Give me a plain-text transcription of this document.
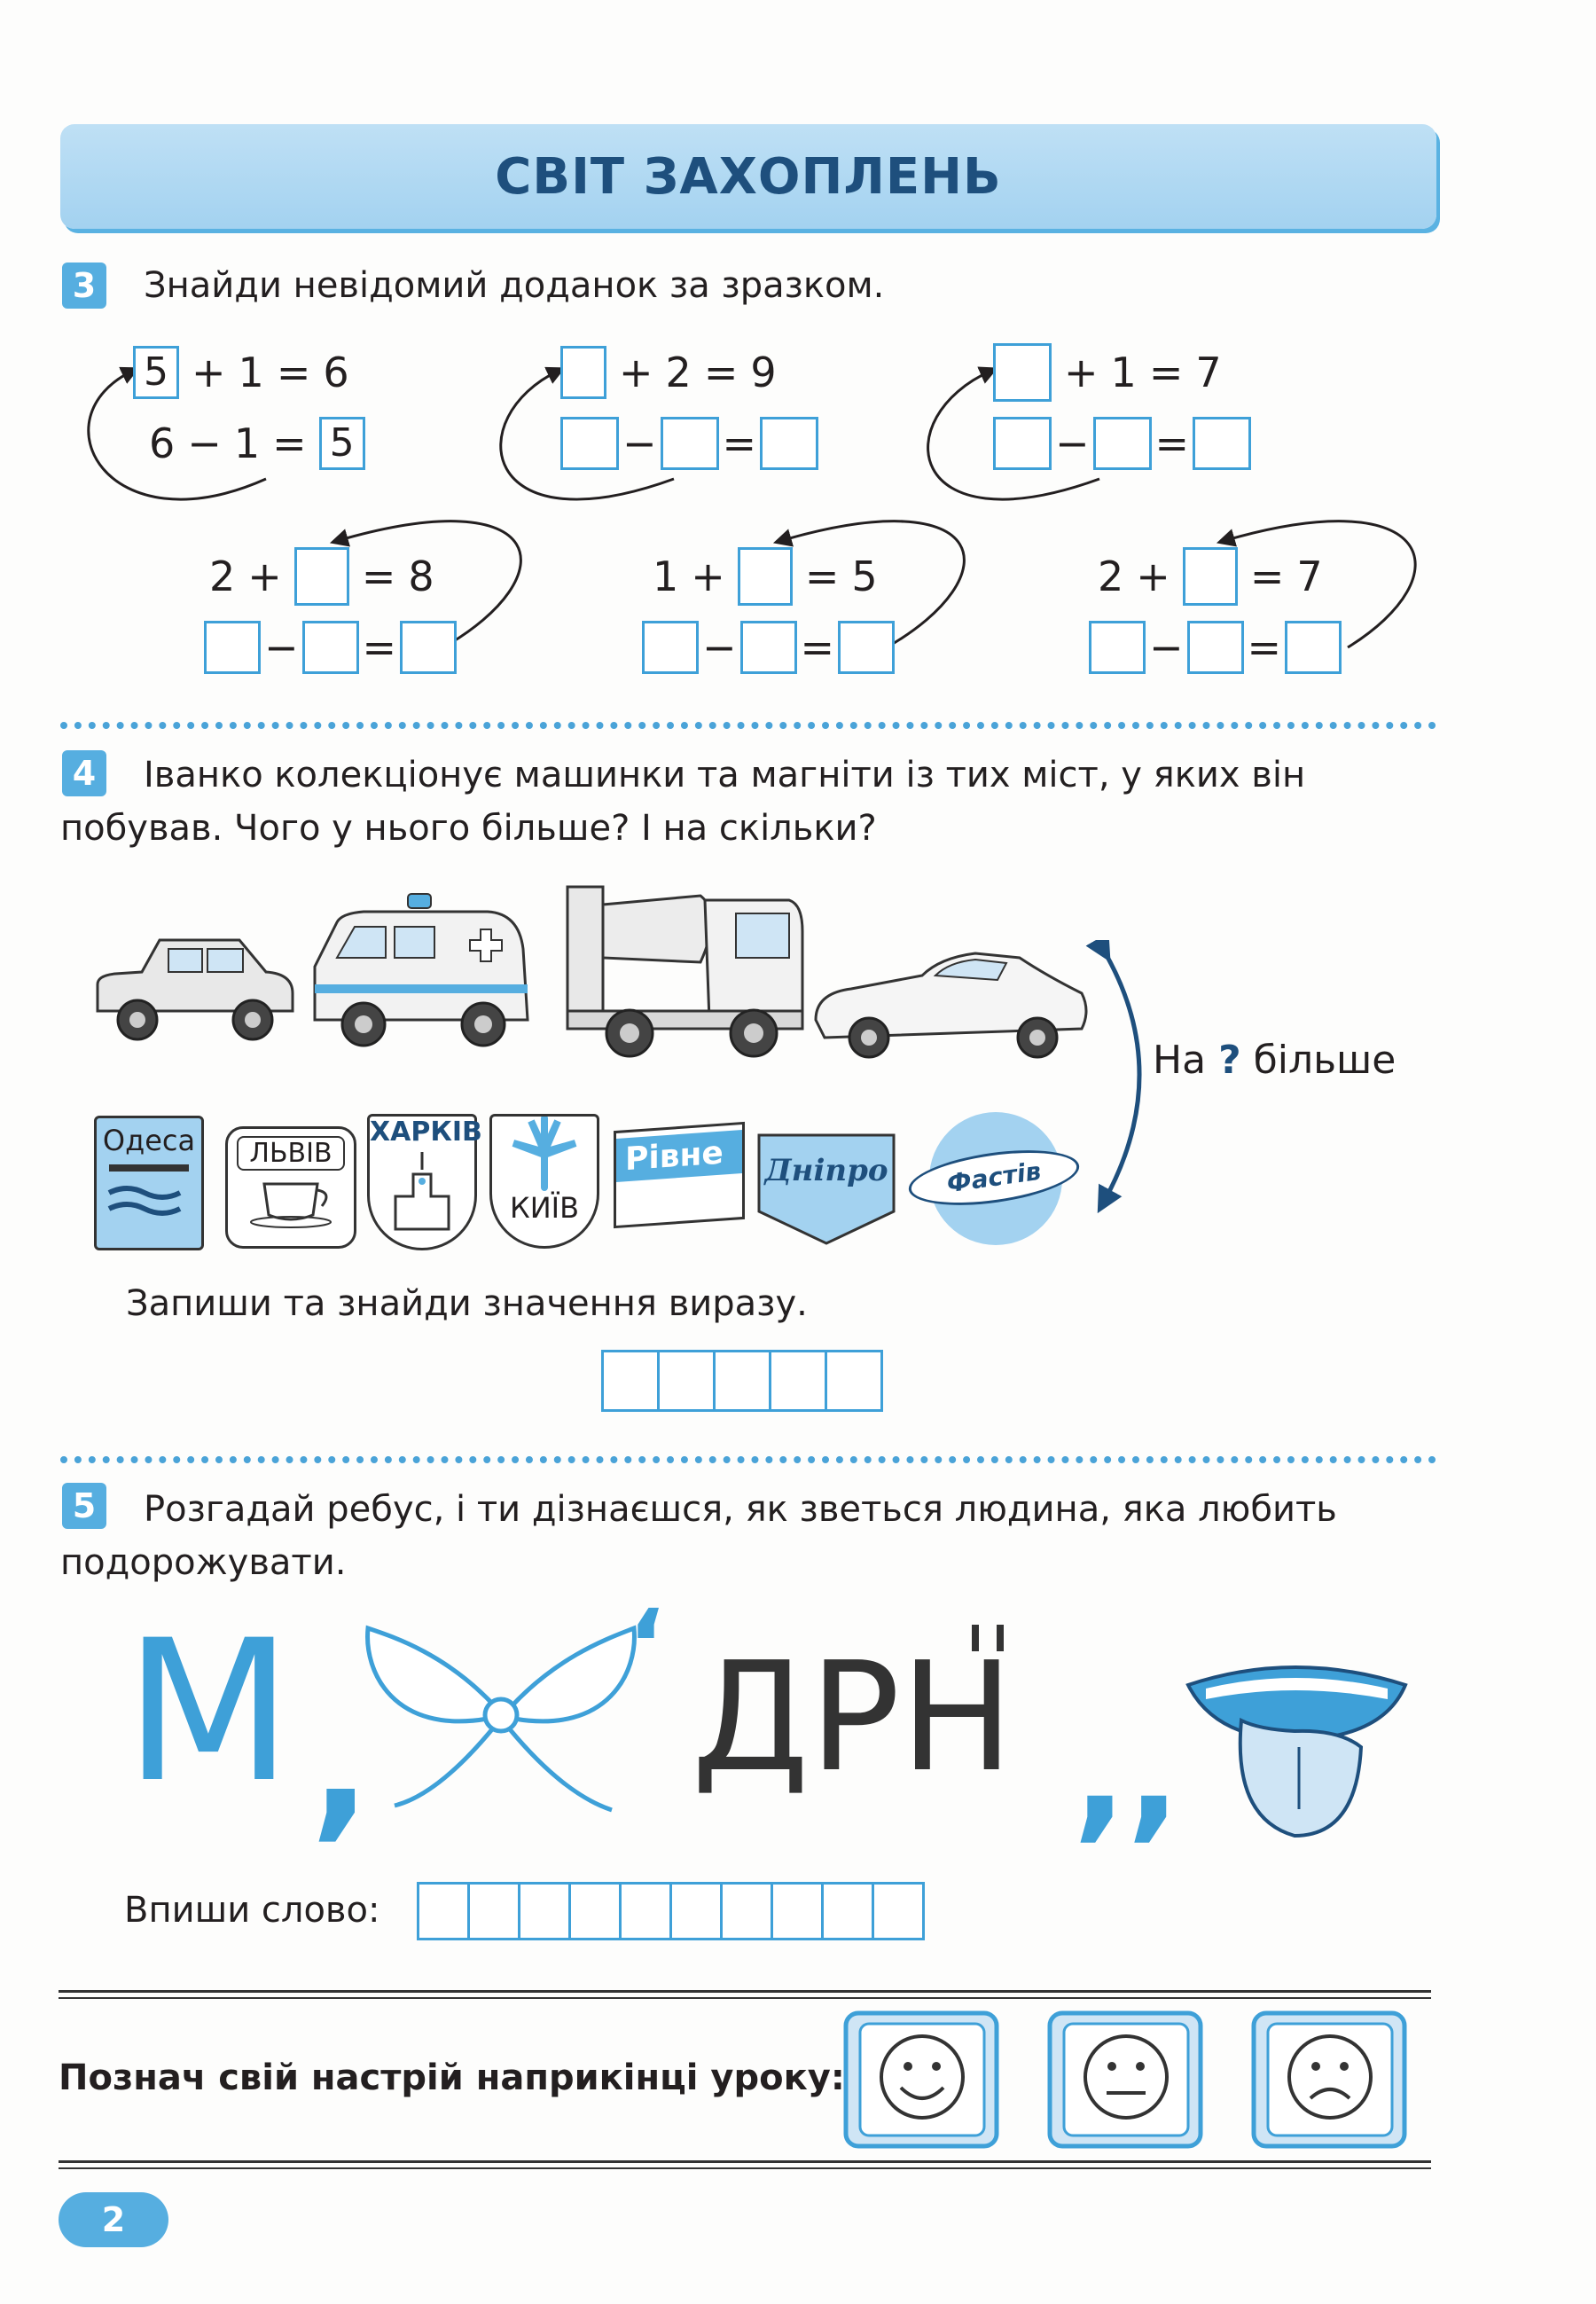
СВІТ ЗАХОПЛЕНЬ
3 Знайди невідомий доданок за зразком.
5 + 1 = 6
6 − 1 = 5
+ 2 = 9
− =
+ 1 = 7
− =
2 + = 8
− =
1 + = 5
− =
2 + = 7
− =
4 Іванко колекціонує машинки та магніти із тих міст, у яких він
побував. Чого у нього більше? І на скільки?
На ? більше
Одеса	ЛЬВІВ
ХАРКІВ
КИЇВ
Рівне	Дніпро	Фастів
Запиши та знайди значення виразу.
5 Розгадай ребус, і ти дізнаєшся, як зветься людина, яка любить
подорожувати.
М ,
‘ ДРН ,,
Впиши слово:
Познач свій настрій наприкінці уроку:
2
